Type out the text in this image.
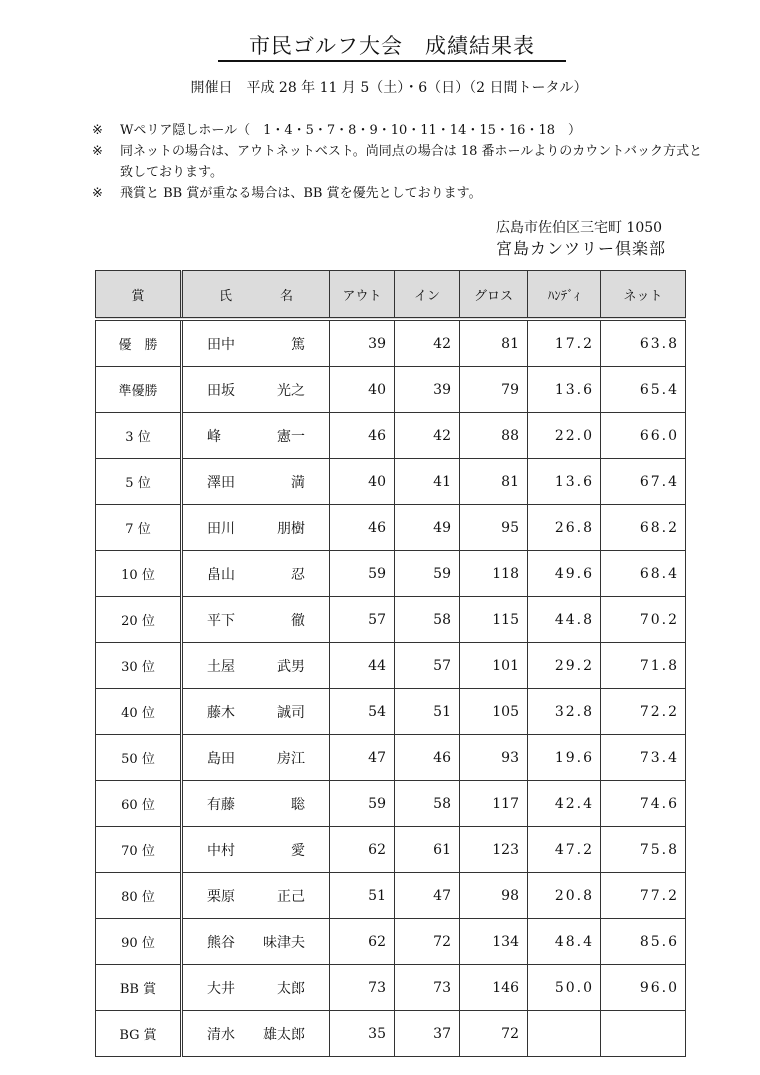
市民ゴルフ大会　成績結果表
開催日　平成 28 年 11 月 5（土）・6（日）（2 日間トータル）
※ Wペリア隠しホール（　1・4・5・7・8・9・10・11・14・15・16・18　）
※ 同ネットの場合は、アウトネットベスト。尚同点の場合は 18 番ホールよりのカウントバック方式と致しております。
※ 飛賞と BB 賞が重なる場合は、BB 賞を優先としております。
広島市佐伯区三宅町 1050
宮島カンツリー倶楽部
賞	氏 名	アウト	イン	グロス	ﾊﾝﾃﾞｨ	ネット
優　勝	田中 篤	39	42	81	17.2	63.8
準優勝	田坂 光之	40	39	79	13.6	65.4
3 位	峰 憲一	46	42	88	22.0	66.0
5 位	澤田 満	40	41	81	13.6	67.4
7 位	田川 朋樹	46	49	95	26.8	68.2
10 位	畠山 忍	59	59	118	49.6	68.4
20 位	平下 徹	57	58	115	44.8	70.2
30 位	土屋 武男	44	57	101	29.2	71.8
40 位	藤木 誠司	54	51	105	32.8	72.2
50 位	島田 房江	47	46	93	19.6	73.4
60 位	有藤 聡	59	58	117	42.4	74.6
70 位	中村 愛	62	61	123	47.2	75.8
80 位	栗原 正己	51	47	98	20.8	77.2
90 位	熊谷 味津夫	62	72	134	48.4	85.6
BB 賞	大井 太郎	73	73	146	50.0	96.0
BG 賞	清水 雄太郎	35	37	72		
